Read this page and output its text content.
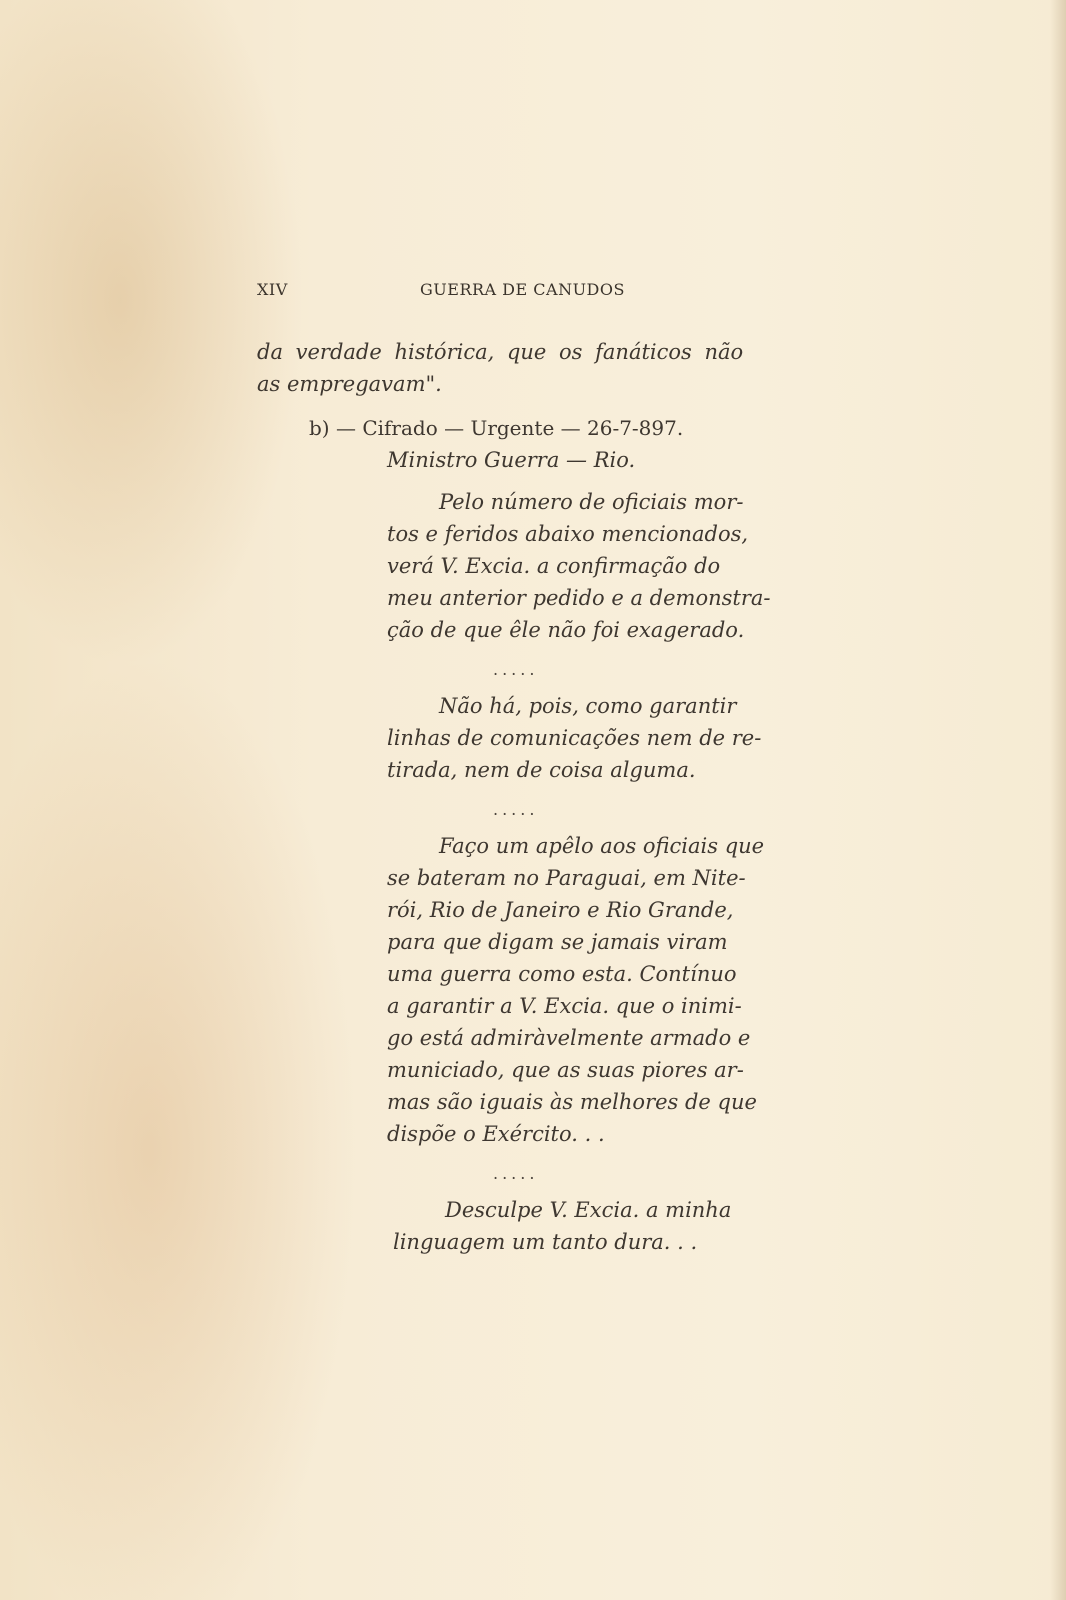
XIV	GUERRA DE CANUDOS
da verdade histórica, que os fanáticos não
as empregavam".
b) — Cifrado — Urgente — 26-7-897.
Ministro Guerra — Rio.
Pelo número de oficiais mor-
tos e feridos abaixo mencionados,
verá V. Excia. a confirmação do
meu anterior pedido e a demonstra-
ção de que êle não foi exagerado.
.....
Não há, pois, como garantir
linhas de comunicações nem de re-
tirada, nem de coisa alguma.
.....
Faço um apêlo aos oficiais que
se bateram no Paraguai, em Nite-
rói, Rio de Janeiro e Rio Grande,
para que digam se jamais viram
uma guerra como esta. Contínuo
a garantir a V. Excia. que o inimi-
go está admiràvelmente armado e
municiado, que as suas piores ar-
mas são iguais às melhores de que
dispõe o Exército. . .
.....
Desculpe V. Excia. a minha
linguagem um tanto dura. . .
